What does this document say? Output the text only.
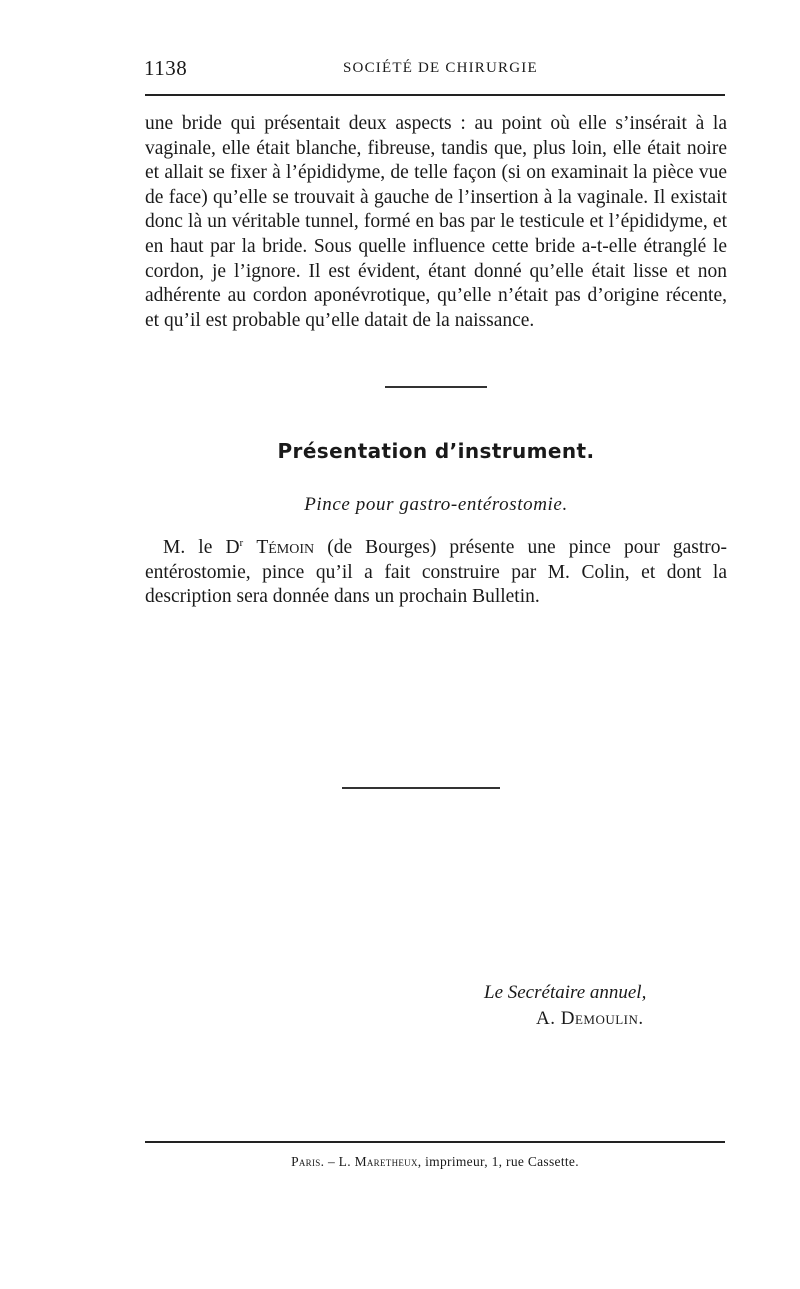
1138	SOCIÉTÉ DE CHIRURGIE

une bride qui présentait deux aspects : au point où elle s’insérait à la vaginale, elle était blanche, fibreuse, tandis que, plus loin, elle était noire et allait se fixer à l’épididyme, de telle façon (si on examinait la pièce vue de face) qu’elle se trouvait à gauche de l’insertion à la vaginale. Il existait donc là un véritable tunnel, formé en bas par le testicule et l’épididyme, et en haut par la bride. Sous quelle influence cette bride a-t-elle étranglé le cordon, je l’ignore. Il est évident, étant donné qu’elle était lisse et non adhérente au cordon aponévrotique, qu’elle n’était pas d’origine récente, et qu’il est probable qu’elle datait de la naissance.

Présentation d’instrument.
Pince pour gastro-entérostomie.

M. le $D^r$ Témoin (de Bourges) présente une pince pour gastro-entérostomie, pince qu’il a fait construire par M. Colin, et dont la description sera donnée dans un prochain Bulletin.

Le Secrétaire annuel,
A. Demoulin.
Paris. – L. Maretheux, imprimeur, 1, rue Cassette.
